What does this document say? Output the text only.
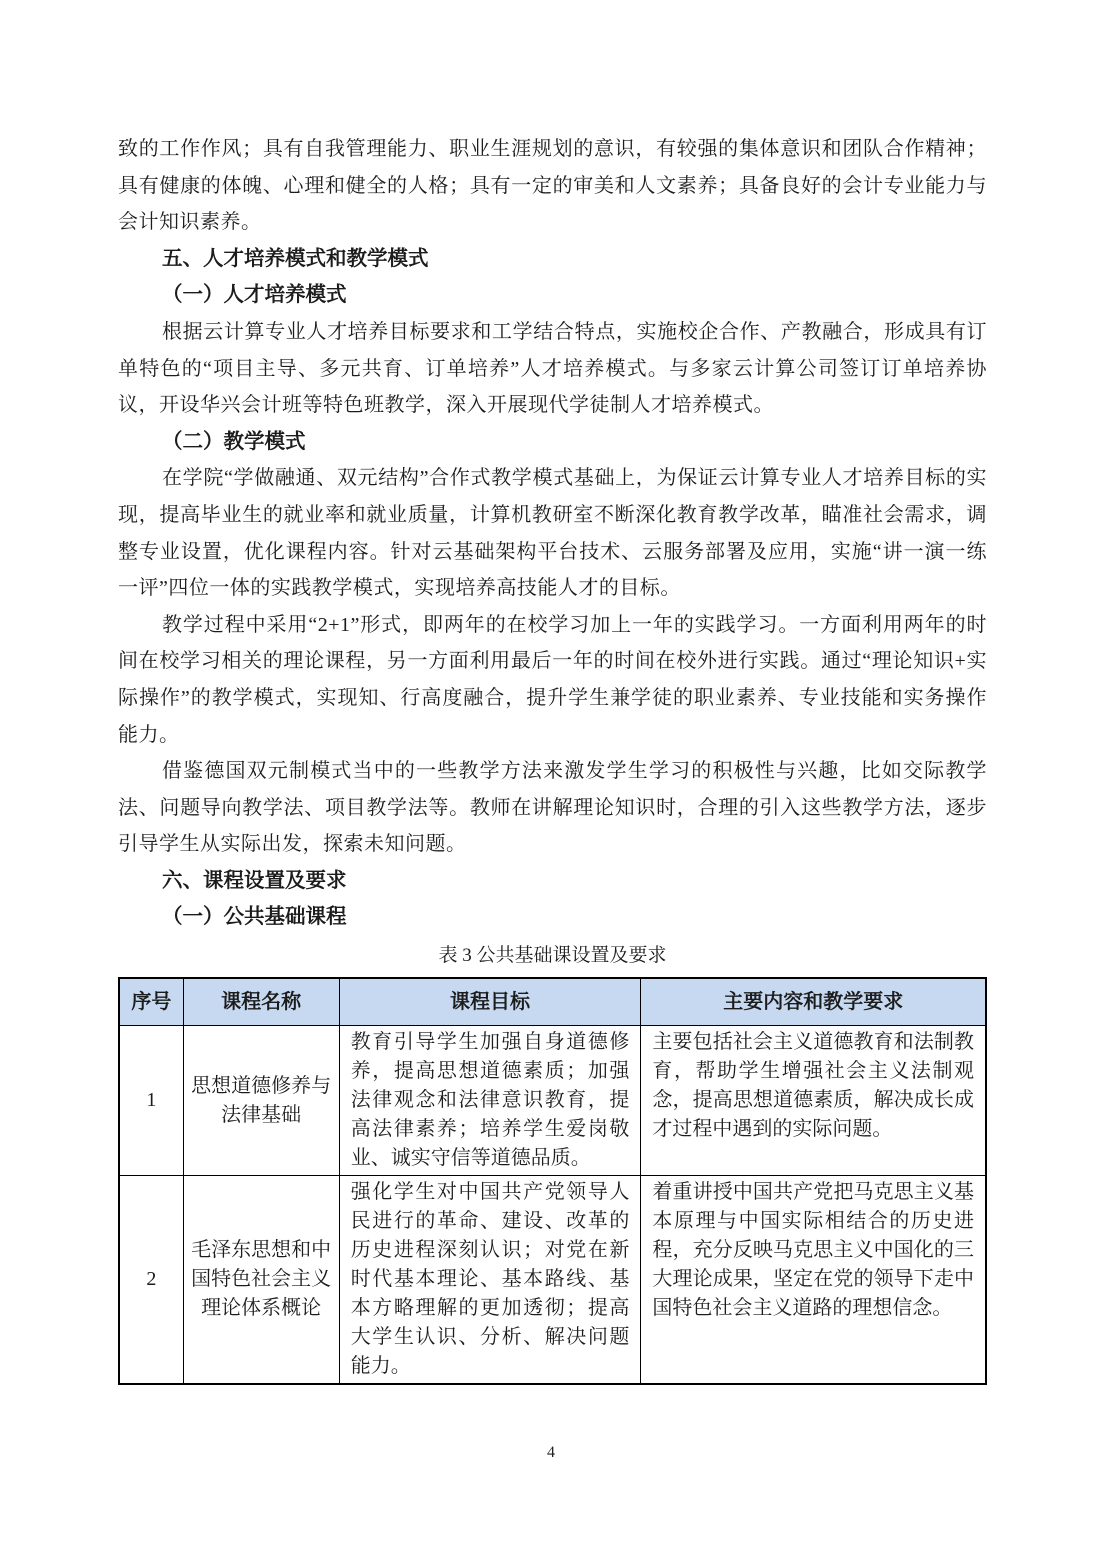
致的工作作风；具有自我管理能力、职业生涯规划的意识，有较强的集体意识和团队合作精神；具有健康的体魄、心理和健全的人格；具有一定的审美和人文素养；具备良好的会计专业能力与会计知识素养。

五、人才培养模式和教学模式
（一）人才培养模式

根据云计算专业人才培养目标要求和工学结合特点，实施校企合作、产教融合，形成具有订单特色的“项目主导、多元共育、订单培养”人才培养模式。与多家云计算公司签订订单培养协议，开设华兴会计班等特色班教学，深入开展现代学徒制人才培养模式。

（二）教学模式

在学院“学做融通、双元结构”合作式教学模式基础上，为保证云计算专业人才培养目标的实现，提高毕业生的就业率和就业质量，计算机教研室不断深化教育教学改革，瞄准社会需求，调整专业设置，优化课程内容。针对云基础架构平台技术、云服务部署及应用，实施“讲一演一练一评”四位一体的实践教学模式，实现培养高技能人才的目标。

教学过程中采用“2+1”形式，即两年的在校学习加上一年的实践学习。一方面利用两年的时间在校学习相关的理论课程，另一方面利用最后一年的时间在校外进行实践。通过“理论知识+实际操作”的教学模式，实现知、行高度融合，提升学生兼学徒的职业素养、专业技能和实务操作能力。

借鉴德国双元制模式当中的一些教学方法来激发学生学习的积极性与兴趣，比如交际教学法、问题导向教学法、项目教学法等。教师在讲解理论知识时，合理的引入这些教学方法，逐步引导学生从实际出发，探索未知问题。

六、课程设置及要求
（一）公共基础课程

表 3 公共基础课设置及要求

序号	课程名称	课程目标	主要内容和教学要求
1	思想道德修养与法律基础	教育引导学生加强自身道德修养，提高思想道德素质；加强法律观念和法律意识教育，提高法律素养；培养学生爱岗敬业、诚实守信等道德品质。	主要包括社会主义道德教育和法制教育，帮助学生增强社会主义法制观念，提高思想道德素质，解决成长成才过程中遇到的实际问题。
2	毛泽东思想和中国特色社会主义理论体系概论	强化学生对中国共产党领导人民进行的革命、建设、改革的历史进程深刻认识；对党在新时代基本理论、基本路线、基本方略理解的更加透彻；提高大学生认识、分析、解决问题能力。	着重讲授中国共产党把马克思主义基本原理与中国实际相结合的历史进程，充分反映马克思主义中国化的三大理论成果，坚定在党的领导下走中国特色社会主义道路的理想信念。
4
